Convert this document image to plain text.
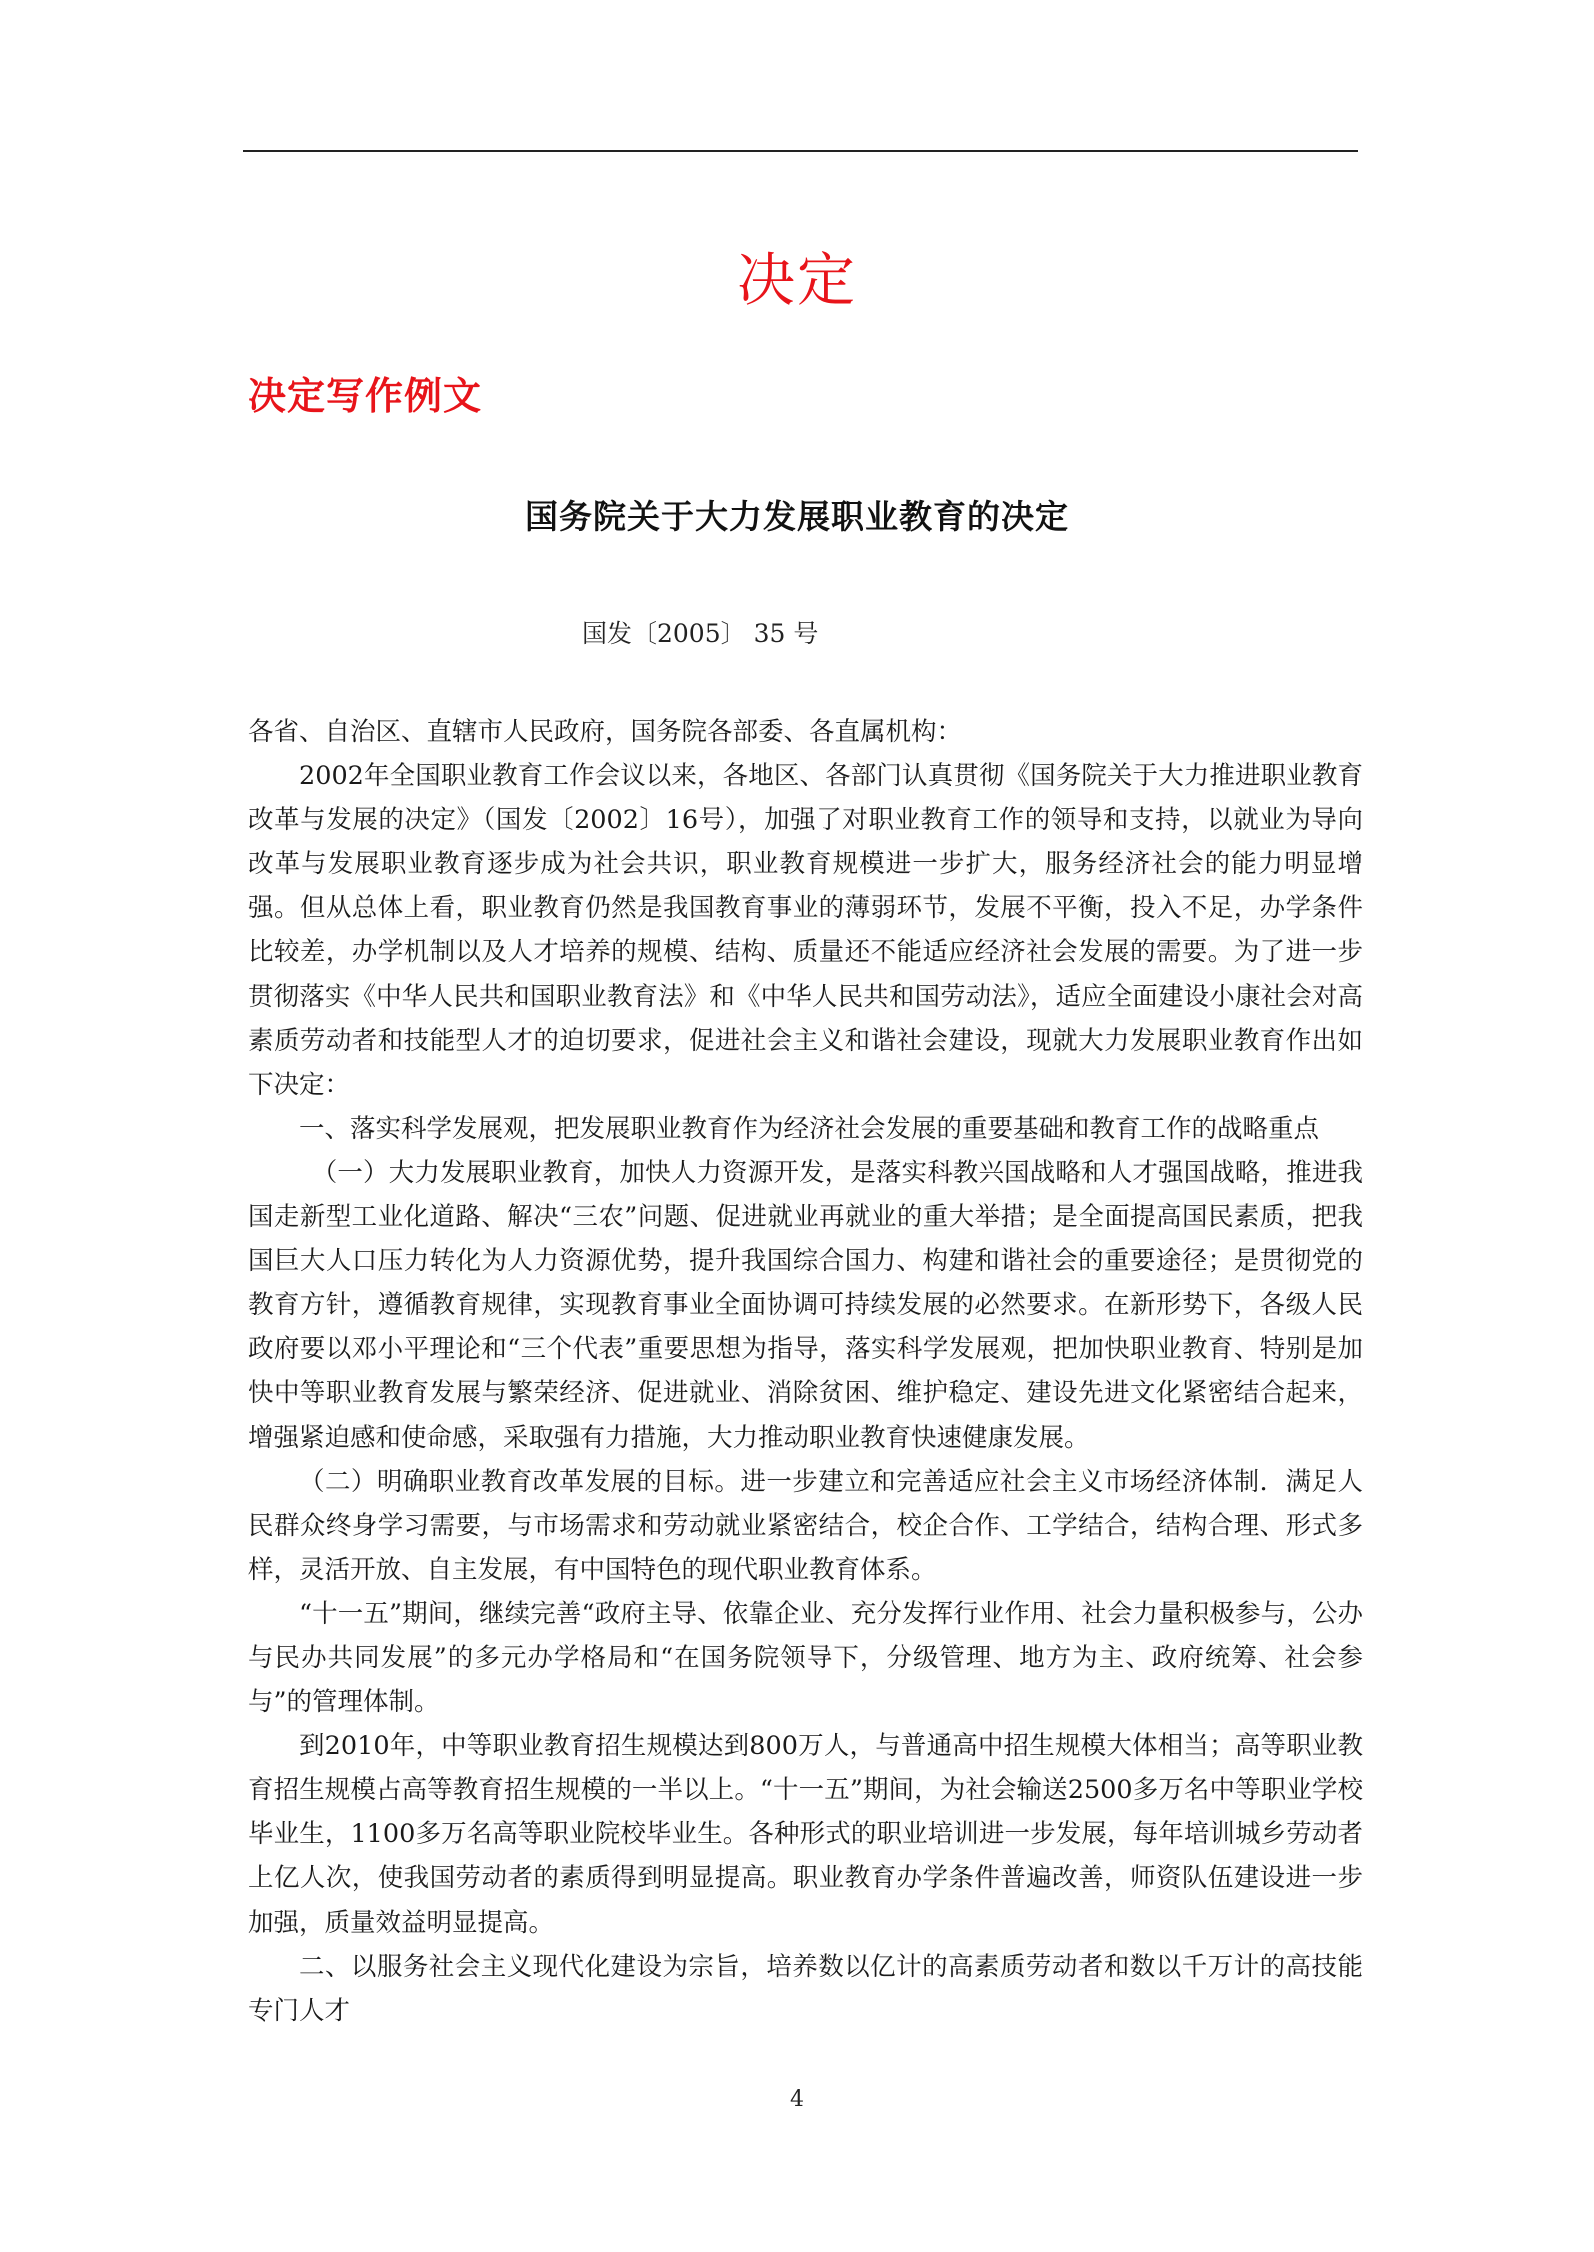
决定
决定写作例文
国务院关于大力发展职业教育的决定
国发〔2005〕 35 号

各省、自治区、直辖市人民政府，国务院各部委、各直属机构：

2002年全国职业教育工作会议以来，各地区、各部门认真贯彻《国务院关于大力推进职业教育改革与发展的决定》（国发〔2002〕16号），加强了对职业教育工作的领导和支持，以就业为导向改革与发展职业教育逐步成为社会共识，职业教育规模进一步扩大，服务经济社会的能力明显增强。但从总体上看，职业教育仍然是我国教育事业的薄弱环节，发展不平衡，投入不足，办学条件比较差，办学机制以及人才培养的规模、结构、质量还不能适应经济社会发展的需要。为了进一步贯彻落实《中华人民共和国职业教育法》和《中华人民共和国劳动法》，适应全面建设小康社会对高素质劳动者和技能型人才的迫切要求，促进社会主义和谐社会建设，现就大力发展职业教育作出如下决定：

一、落实科学发展观，把发展职业教育作为经济社会发展的重要基础和教育工作的战略重点

（一）大力发展职业教育，加快人力资源开发，是落实科教兴国战略和人才强国战略，推进我国走新型工业化道路、解决“三农”问题、促进就业再就业的重大举措；是全面提高国民素质，把我国巨大人口压力转化为人力资源优势，提升我国综合国力、构建和谐社会的重要途径；是贯彻党的教育方针，遵循教育规律，实现教育事业全面协调可持续发展的必然要求。在新形势下，各级人民政府要以邓小平理论和“三个代表”重要思想为指导，落实科学发展观，把加快职业教育、特别是加快中等职业教育发展与繁荣经济、促进就业、消除贫困、维护稳定、建设先进文化紧密结合起来，增强紧迫感和使命感，采取强有力措施，大力推动职业教育快速健康发展。

（二）明确职业教育改革发展的目标。进一步建立和完善适应社会主义市场经济体制．满足人民群众终身学习需要，与市场需求和劳动就业紧密结合，校企合作、工学结合，结构合理、形式多样，灵活开放、自主发展，有中国特色的现代职业教育体系。

“十一五”期间，继续完善“政府主导、依靠企业、充分发挥行业作用、社会力量积极参与，公办与民办共同发展”的多元办学格局和“在国务院领导下，分级管理、地方为主、政府统筹、社会参与”的管理体制。

到2010年，中等职业教育招生规模达到800万人，与普通高中招生规模大体相当；高等职业教育招生规模占高等教育招生规模的一半以上。“十一五”期间，为社会输送2500多万名中等职业学校毕业生，1100多万名高等职业院校毕业生。各种形式的职业培训进一步发展，每年培训城乡劳动者上亿人次，使我国劳动者的素质得到明显提高。职业教育办学条件普遍改善，师资队伍建设进一步加强，质量效益明显提高。

二、以服务社会主义现代化建设为宗旨，培养数以亿计的高素质劳动者和数以千万计的高技能专门人才

4
